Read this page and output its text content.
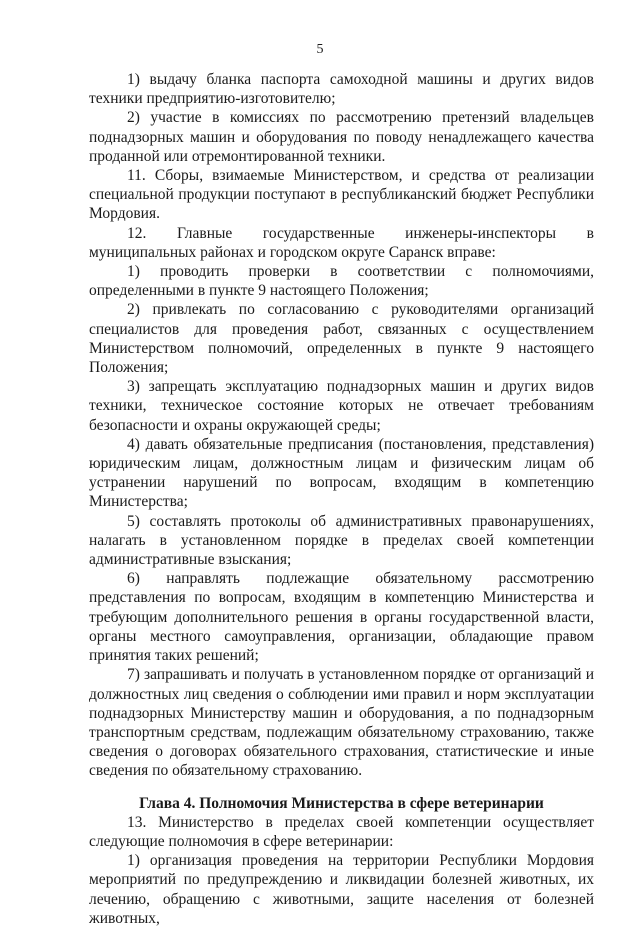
5

1) выдачу бланка паспорта самоходной машины и других видов техники предприятию-изготовителю;

2) участие в комиссиях по рассмотрению претензий владельцев поднадзорных машин и оборудования по поводу ненадлежащего качества проданной или отремонтированной техники.

11. Сборы, взимаемые Министерством, и средства от реализации специальной продукции поступают в республиканский бюджет Республики Мордовия.

12. Главные государственные инженеры-инспекторы в муниципальных районах и городском округе Саранск вправе:

1) проводить проверки в соответствии с полномочиями, определенными в пункте 9 настоящего Положения;

2) привлекать по согласованию с руководителями организаций специалистов для проведения работ, связанных с осуществлением Министерством полномочий, определенных в пункте 9 настоящего Положения;

3) запрещать эксплуатацию поднадзорных машин и других видов техники, техническое состояние которых не отвечает требованиям безопасности и охраны окружающей среды;

4) давать обязательные предписания (постановления, представления) юридическим лицам, должностным лицам и физическим лицам об устранении нарушений по вопросам, входящим в компетенцию Министерства;

5) составлять протоколы об административных правонарушениях, налагать в установленном порядке в пределах своей компетенции административные взыскания;

6) направлять подлежащие обязательному рассмотрению представления по вопросам, входящим в компетенцию Министерства и требующим дополнительного решения в органы государственной власти, органы местного самоуправления, организации, обладающие правом принятия таких решений;

7) запрашивать и получать в установленном порядке от организаций и должностных лиц сведения о соблюдении ими правил и норм эксплуатации поднадзорных Министерству машин и оборудования, а по поднадзорным транспортным средствам, подлежащим обязательному страхованию, также сведения о договорах обязательного страхования, статистические и иные сведения по обязательному страхованию.

Глава 4. Полномочия Министерства в сфере ветеринарии

13. Министерство в пределах своей компетенции осуществляет следующие полномочия в сфере ветеринарии:

1) организация проведения на территории Республики Мордовия мероприятий по предупреждению и ликвидации болезней животных, их лечению, обращению с животными, защите населения от болезней животных,
